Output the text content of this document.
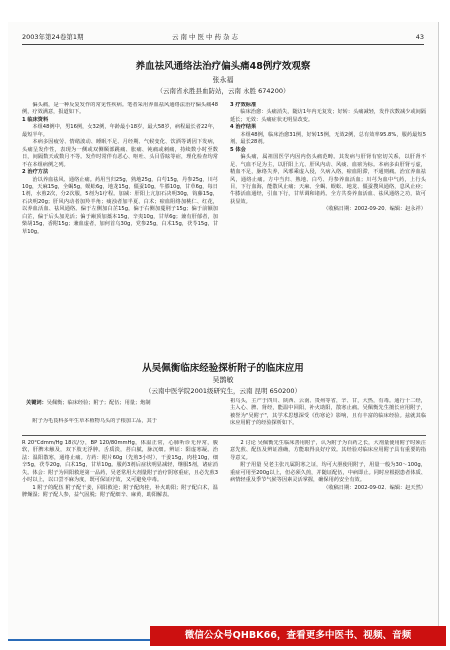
2003年第24卷第1期	云南中医中药杂志	43
养血祛风通络法治疗偏头痛48例疗效观察
张永福
（云南省永胜县血防站，云南 永胜 674200）

偏头痛，是一种反复发作的常见性疾病。笔者采用养血祛风通络法治疗偏头痛48例，疗效满意，报道如下。

1 临床资料

本组48例中，男16例，女32例，年龄最小18岁，最大58岁，病程最长者22年，最短半年。

本病多因疲劳、情绪波动、睡眠不足、月经期、气候变化、饮酒等诱因下发病，头痛呈发作性，表现为一侧或双侧颞部跳痛、胀痛、钝痛或刺痛，持续数小时至数日，间隔数天或数月不等。发作时常伴有恶心、呕吐、头目昏眩等症，理化检查均常不在本组病例之列。

2 治疗方法

治以养血祛风、通络止痛。药用当归25g，熟地25g，白芍15g，丹参25g，川芎10g，天麻15g，全蝎5g，蜈蚣6g，地龙15g，僵蚕10g，牛膝10g，甘草6g，每日1剂，水煎2次，分2次服，5剂为1疗程。加减：肝阳上亢加石决明30g，钩藤15g，石决明20g；肝风内动者加羚羊角；痰浊者加半夏、白术；瘀血阻络加桃仁、红花，以养血活血、祛风通络。偏于左侧加白芷15g，偏于右侧加蔓荆子15g；偏于前额加白芷，偏于后头加羌活；偏于巅顶加藁本15g，辛夷10g，甘草6g；兼有肝郁者，加柴胡15g，香附15g；兼血虚者，加何首乌30g，党参25g，白术15g，茯苓15g，甘草10g。

3 疗效标准

临床治愈：头痛消失，随访1年内无复发；好转：头痛减轻，发作次数减少或间隔延长；无效：头痛症状无明显改变。

4 治疗结果

本组48例，临床治愈31例，好转15例，无效2例，总有效率95.8%，服药最短5剂，最长28剂。

5 体会

偏头痛，属祖国医学内因内伤头痛范畴。其发病与肝肾有密切关系，以肝肾不足、气血不足为主，以肝阳上亢、肝风内动、风痰、血瘀为标。本病多由肝肾亏虚，精血不足，脉络失养，风邪乘虚入侵，久病入络，瘀血阻滞，不通则痛。治宜养血祛风，通络止痛。方中当归、熟地、白芍、丹参养血活血；川芎为血中气药，上行头目，下行血海，能散风止痛；天麻、全蝎、蜈蚣、地龙、僵蚕搜风通络，息风止痉；牛膝活血通经，引血下行，甘草调和诸药。全方共奏养血活血、祛风通络之功，故可获显效。

（收稿日期：2002-09-20．编辑：赵永祥）

从吴佩衡临床经验探析附子的临床应用
吴鹊敏
（云南中医学院2001级研究生，云南 昆明 650200）
关键词：吴佩衡；临床经验；附子；配伍；用量；炮制

附子为毛茛科多年生草本植物乌头的子根加工品，其于

祖乌头，主产于四川、陕西、云南、贵州等省，辛、甘，大热，有毒。通行十二经，主入心、脾、肾经，能温中回阳，补火助阳，散寒止痛。吴佩衡先生擅长应用附子，被誉为"吴附子"，其学术思想深受《伤寒论》影响，且有丰富的临床经验。兹就其临床应用附子的经验探析如下。

R 20°Cdmm/Hg 18次/分，BP 120/80mmHg，体温正常，心肺听诊无异常，腹软，肝脾未触及，双下肢无浮肿。舌质淡，苔白腻，脉沉细。辨证：阳虚寒凝。治法：温阳散寒，通络止痛。方药：附片60g（先煎3小时），干姜15g，肉桂10g，细辛5g，茯苓20g，白术15g，甘草10g。服药3剂后症状明显减轻，继服5剂，诸症消失。体会：附子为回阳救逆第一品药，吴老常用大剂量附子治疗阴寒重症，且必先煎3小时以上，以口尝不麻为度，既可保证疗效，又可避免中毒。

1 附子的配伍 附子配干姜，回阳救逆；附子配肉桂，补火助阳；附子配白术，温脾燥湿；附子配人参，益气固脱；附子配细辛、麻黄，助阳解表。

2 讨论 吴佩衡先生临床善用附子，认为附子为百药之长，大剂量使用附子时须注意先煎、配伍及辨证准确，方能取得良好疗效。其经验对临床应用附子具有重要的指导意义。

附子用量 吴老主张凡属阴寒之证，均可大胆使用附子，用量一般为30～100g，重症可用至200g以上，但必须久煎，并随证配伍，中病即止。同时应根据患者体质、病情轻重及季节气候等因素灵活掌握，确保用药安全有效。

（收稿日期：2002-09-02．编辑：赵天然）

微信公众号QHBK66，查看更多中医书、视频、音频
